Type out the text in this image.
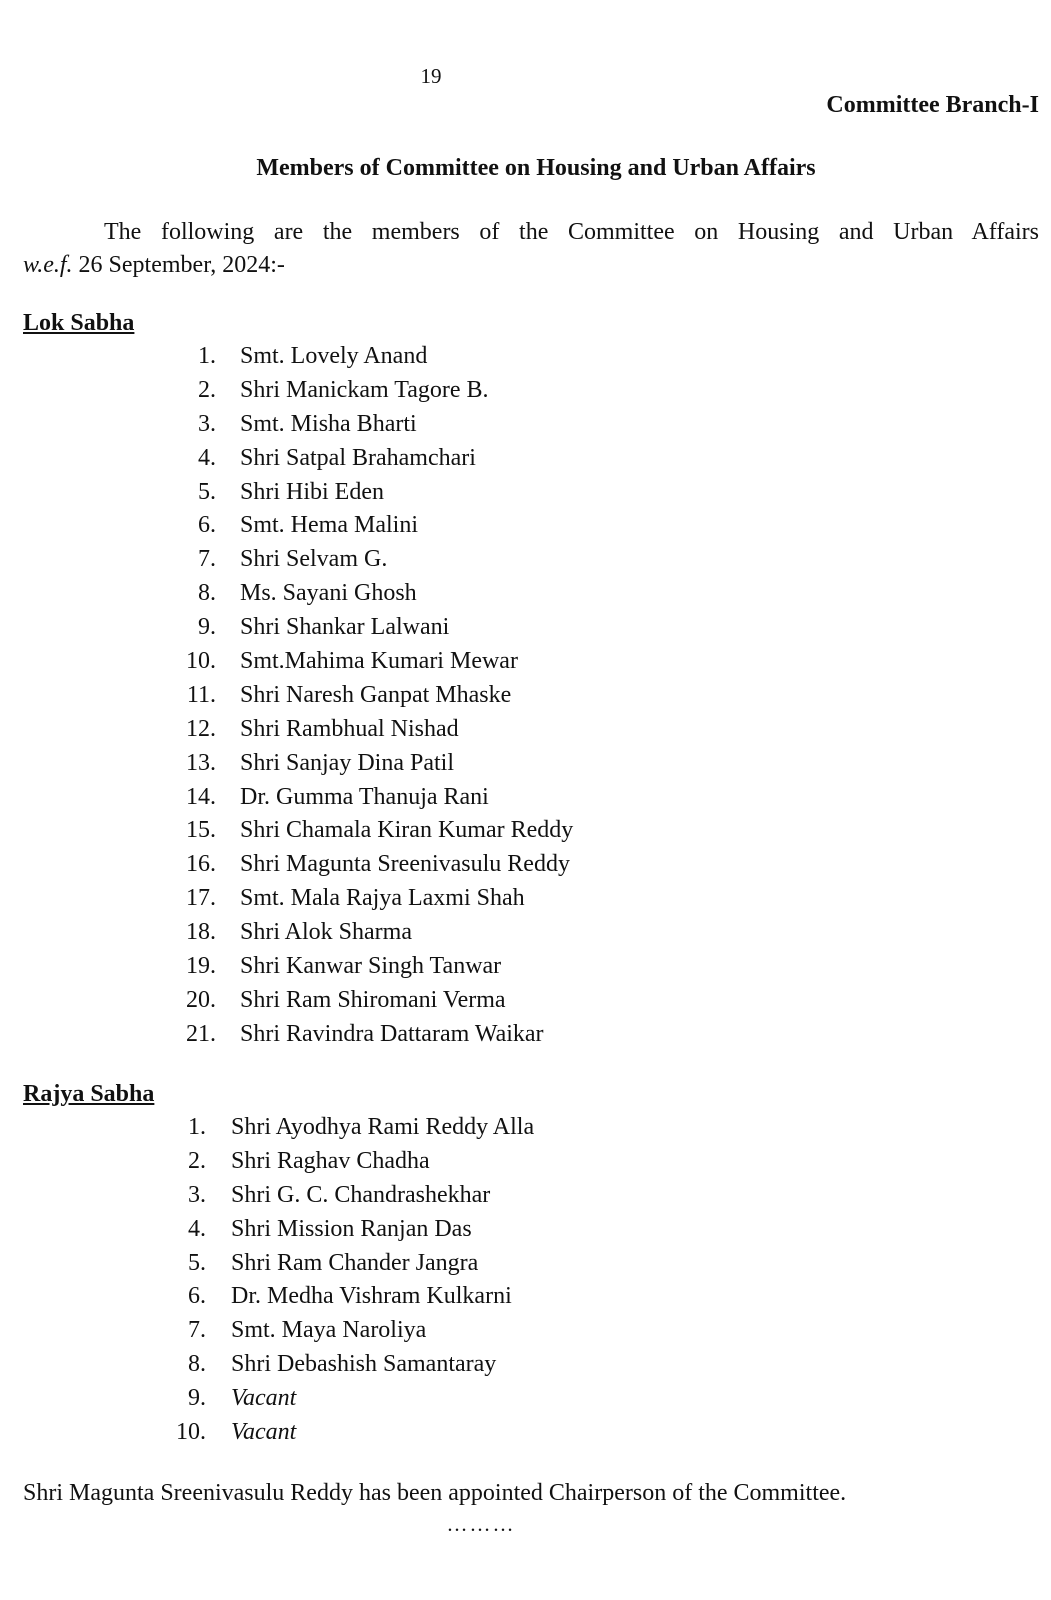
19
Committee Branch-I
Members of Committee on Housing and Urban Affairs
The following are the members of the Committee on Housing and Urban Affairs
w.e.f. 26 September, 2024:-
Lok Sabha
1. Smt. Lovely Anand
2. Shri Manickam Tagore B.
3. Smt. Misha Bharti
4. Shri Satpal Brahamchari
5. Shri Hibi Eden
6. Smt. Hema Malini
7. Shri Selvam G.
8. Ms. Sayani Ghosh
9. Shri Shankar Lalwani
10. Smt.Mahima Kumari Mewar
11. Shri Naresh Ganpat Mhaske
12. Shri Rambhual Nishad
13. Shri Sanjay Dina Patil
14. Dr. Gumma Thanuja Rani
15. Shri Chamala Kiran Kumar Reddy
16. Shri Magunta Sreenivasulu Reddy
17. Smt. Mala Rajya Laxmi Shah
18. Shri Alok Sharma
19. Shri Kanwar Singh Tanwar
20. Shri Ram Shiromani Verma
21. Shri Ravindra Dattaram Waikar
Rajya Sabha
1. Shri Ayodhya Rami Reddy Alla
2. Shri Raghav Chadha
3. Shri G. C. Chandrashekhar
4. Shri Mission Ranjan Das
5. Shri Ram Chander Jangra
6. Dr. Medha Vishram Kulkarni
7. Smt. Maya Naroliya
8. Shri Debashish Samantaray
9. Vacant
10. Vacant
Shri Magunta Sreenivasulu Reddy has been appointed Chairperson of the Committee.
………
